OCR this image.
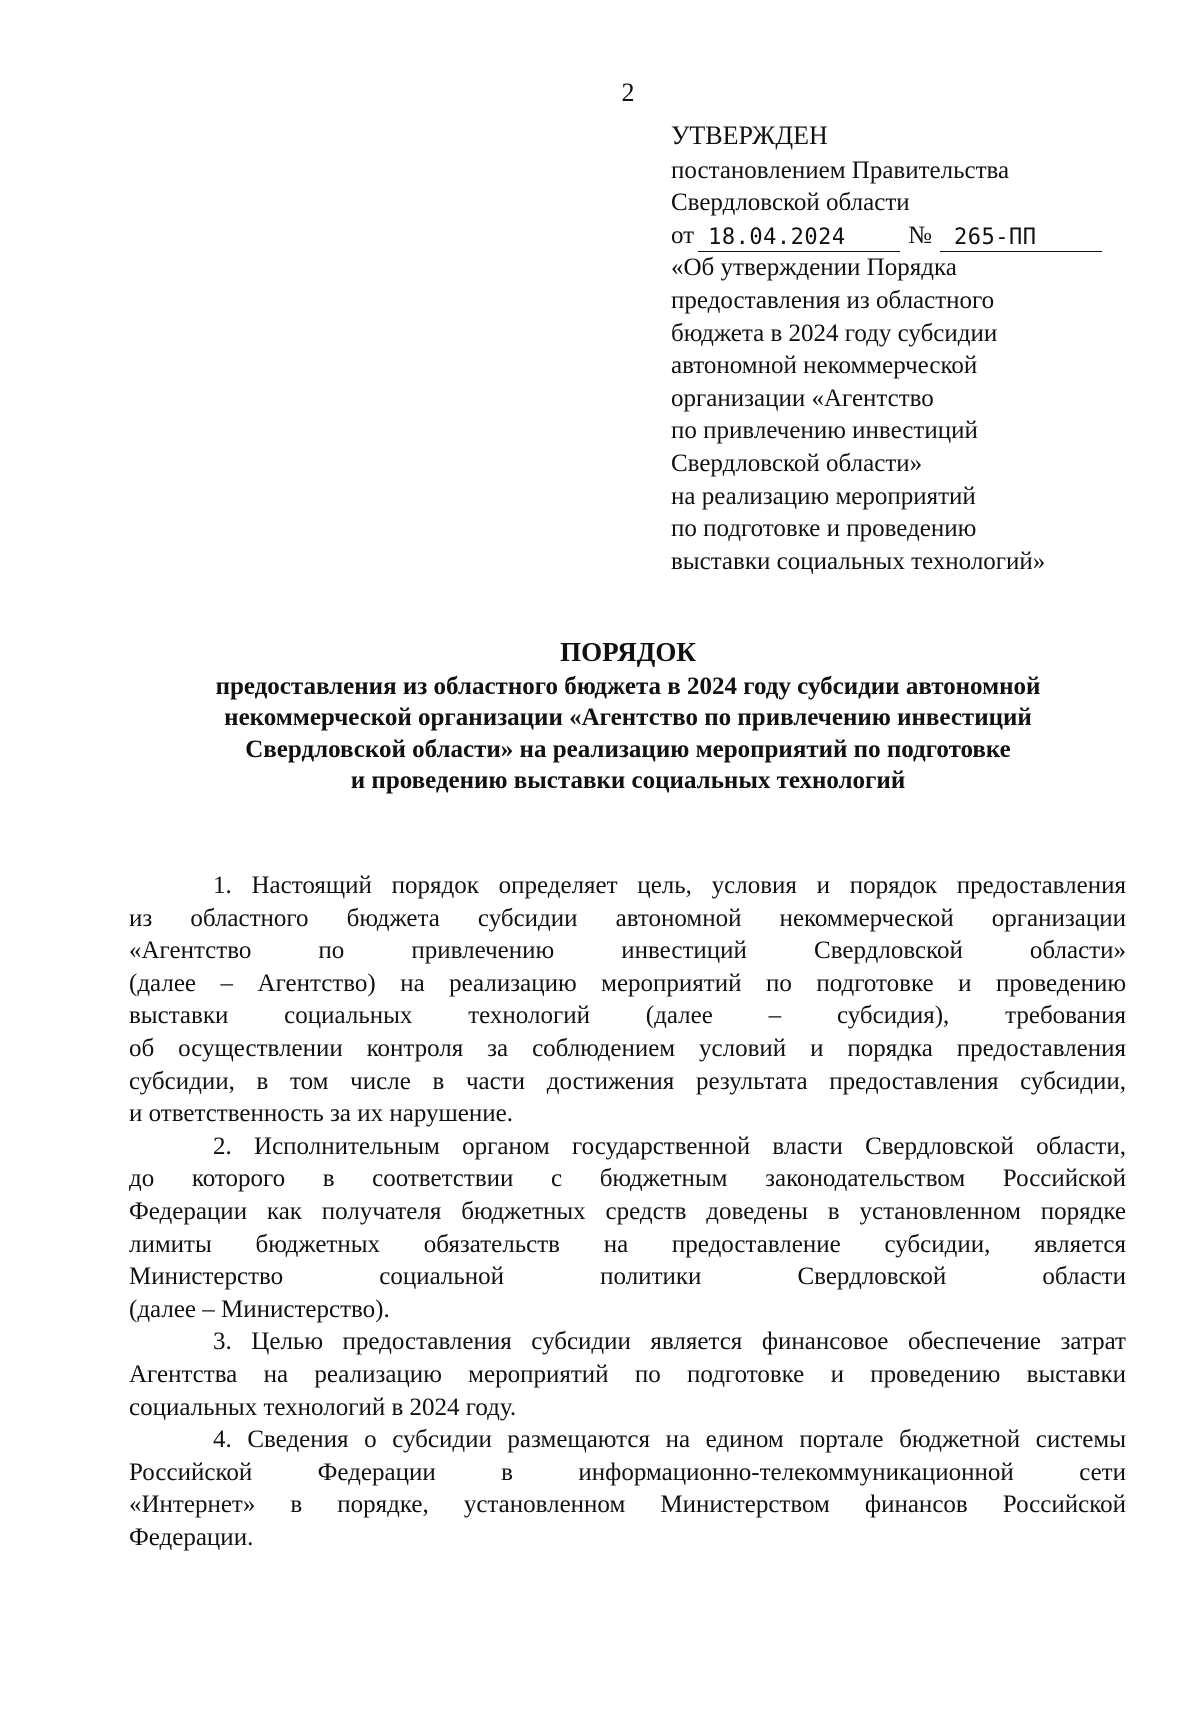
2
УТВЕРЖДЕН
постановлением Правительства
Свердловской области
от 18.04.2024	№	265-ПП
«Об утверждении Порядка
предоставления из областного
бюджета в 2024 году субсидии
автономной некоммерческой
организации «Агентство
по привлечению инвестиций
Свердловской области»
на реализацию мероприятий
по подготовке и проведению
выставки социальных технологий»
ПОРЯДОК
предоставления из областного бюджета в 2024 году субсидии автономной
некоммерческой организации «Агентство по привлечению инвестиций
Свердловской области» на реализацию мероприятий по подготовке
и проведению выставки социальных технологий

1. Настоящий порядок определяет цель, условия и порядок предоставления
из областного бюджета субсидии автономной некоммерческой организации
«Агентство по привлечению инвестиций Свердловской области»
(далее – Агентство) на реализацию мероприятий по подготовке и проведению
выставки социальных технологий (далее – субсидия), требования
об осуществлении контроля за соблюдением условий и порядка предоставления
субсидии, в том числе в части достижения результата предоставления субсидии,
и ответственность за их нарушение.

2. Исполнительным органом государственной власти Свердловской области,
до которого в соответствии с бюджетным законодательством Российской
Федерации как получателя бюджетных средств доведены в установленном порядке
лимиты бюджетных обязательств на предоставление субсидии, является
Министерство социальной политики Свердловской области
(далее – Министерство).

3. Целью предоставления субсидии является финансовое обеспечение затрат
Агентства на реализацию мероприятий по подготовке и проведению выставки
социальных технологий в 2024 году.

4. Сведения о субсидии размещаются на едином портале бюджетной системы
Российской Федерации в информационно-телекоммуникационной сети
«Интернет» в порядке, установленном Министерством финансов Российской
Федерации.
